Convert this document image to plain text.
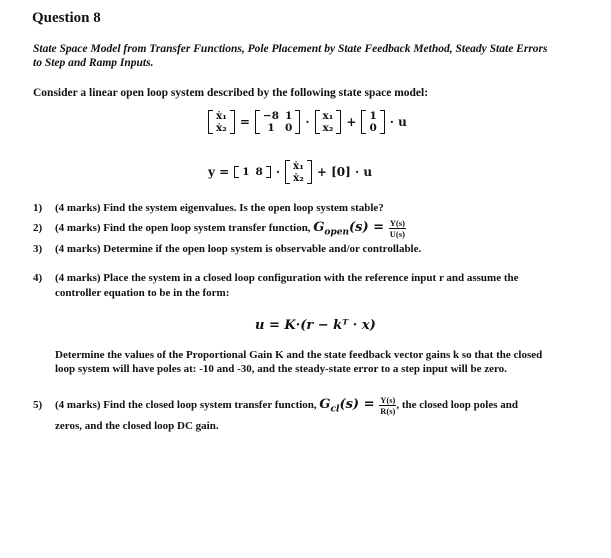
Question 8
State Space Model from Transfer Functions, Pole Placement by State Feedback Method, Steady State Errors to Step and Ramp Inputs.
Consider a linear open loop system described by the following state space model:
ẋ₁
ẋ₂ = −8	1
1	0 · x₁
x₂ + 1
0 · u
y = 1	8 · ẋ₁
ẋ₂ + [0] · u
1) (4 marks) Find the system eigenvalues. Is the open loop system stable?
2) (4 marks) Find the open loop system transfer function, $G_{open}(s) = \frac{Y(s)}{U(s)}$
3) (4 marks) Determine if the open loop system is observable and/or controllable.
4) (4 marks) Place the system in a closed loop configuration with the reference input r and assume the
controller equation to be in the form:
u = K·(r − kᵀ · x)
Determine the values of the Proportional Gain K and the state feedback vector gains k so that the closed loop system will have poles at: -10 and -30, and the steady-state error to a step input will be zero.
5) (4 marks) Find the closed loop system transfer function, $G_{cl}(s) = \frac{Y(s)}{R(s)}$ , the closed loop poles and
zeros, and the closed loop DC gain.
